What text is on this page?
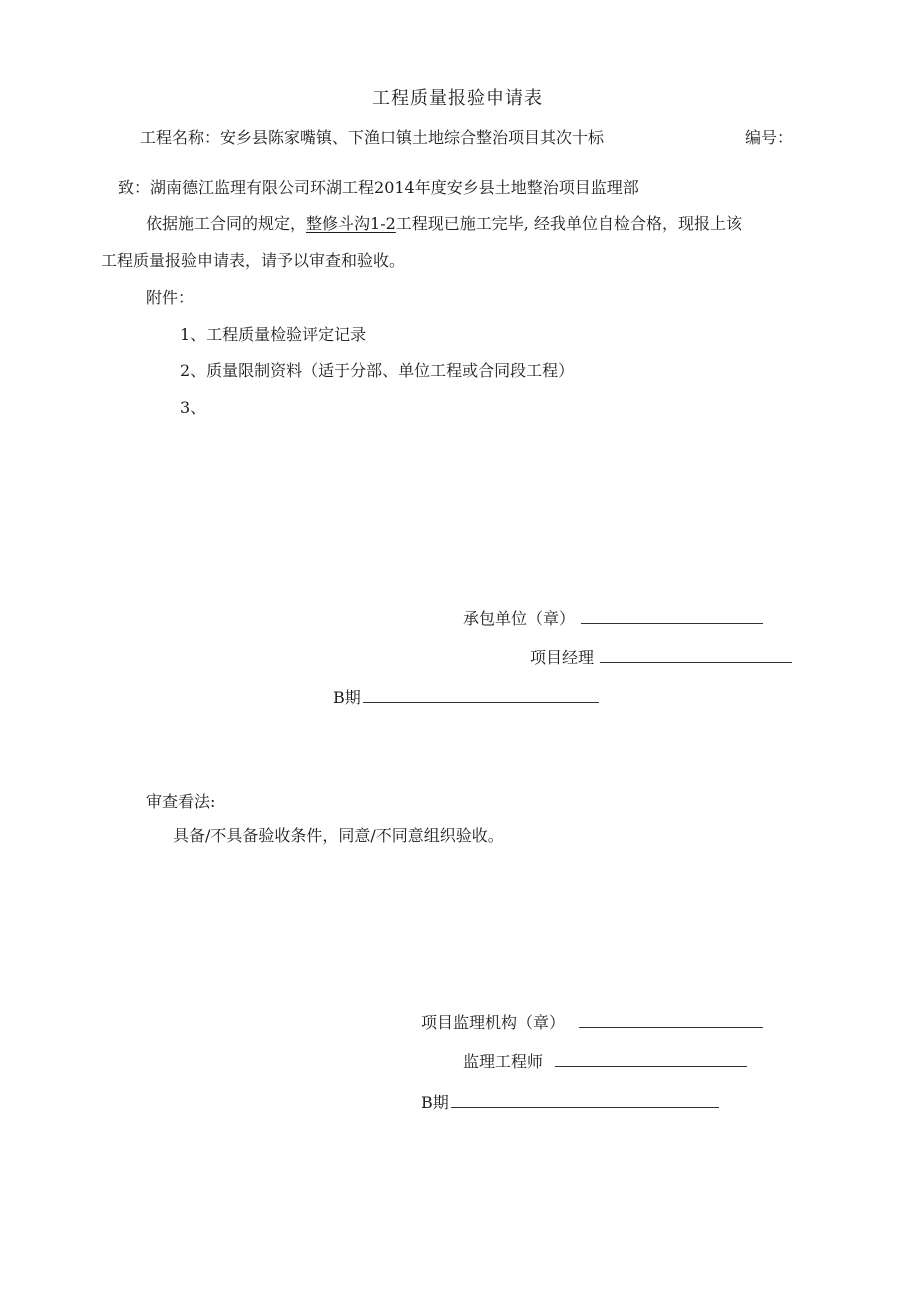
工程质量报验申请表
工程名称：安乡县陈家嘴镇、下渔口镇土地综合整治项目其次十标	编号：
致：湖南德江监理有限公司环湖工程2014年度安乡县土地整治项目监理部
依据施工合同的规定，整修斗沟1-2工程现已施工完毕, 经我单位自检合格，现报上该
工程质量报验申请表，请予以审查和验收。
附件：
1、工程质量检验评定记录
2、质量限制资料（适于分部、单位工程或合同段工程）
3、
承包单位（章）
项目经理
B期
审查看法:
具备/不具备验收条件，同意/不同意组织验收。
项目监理机构（章）
监理工程师
B期
